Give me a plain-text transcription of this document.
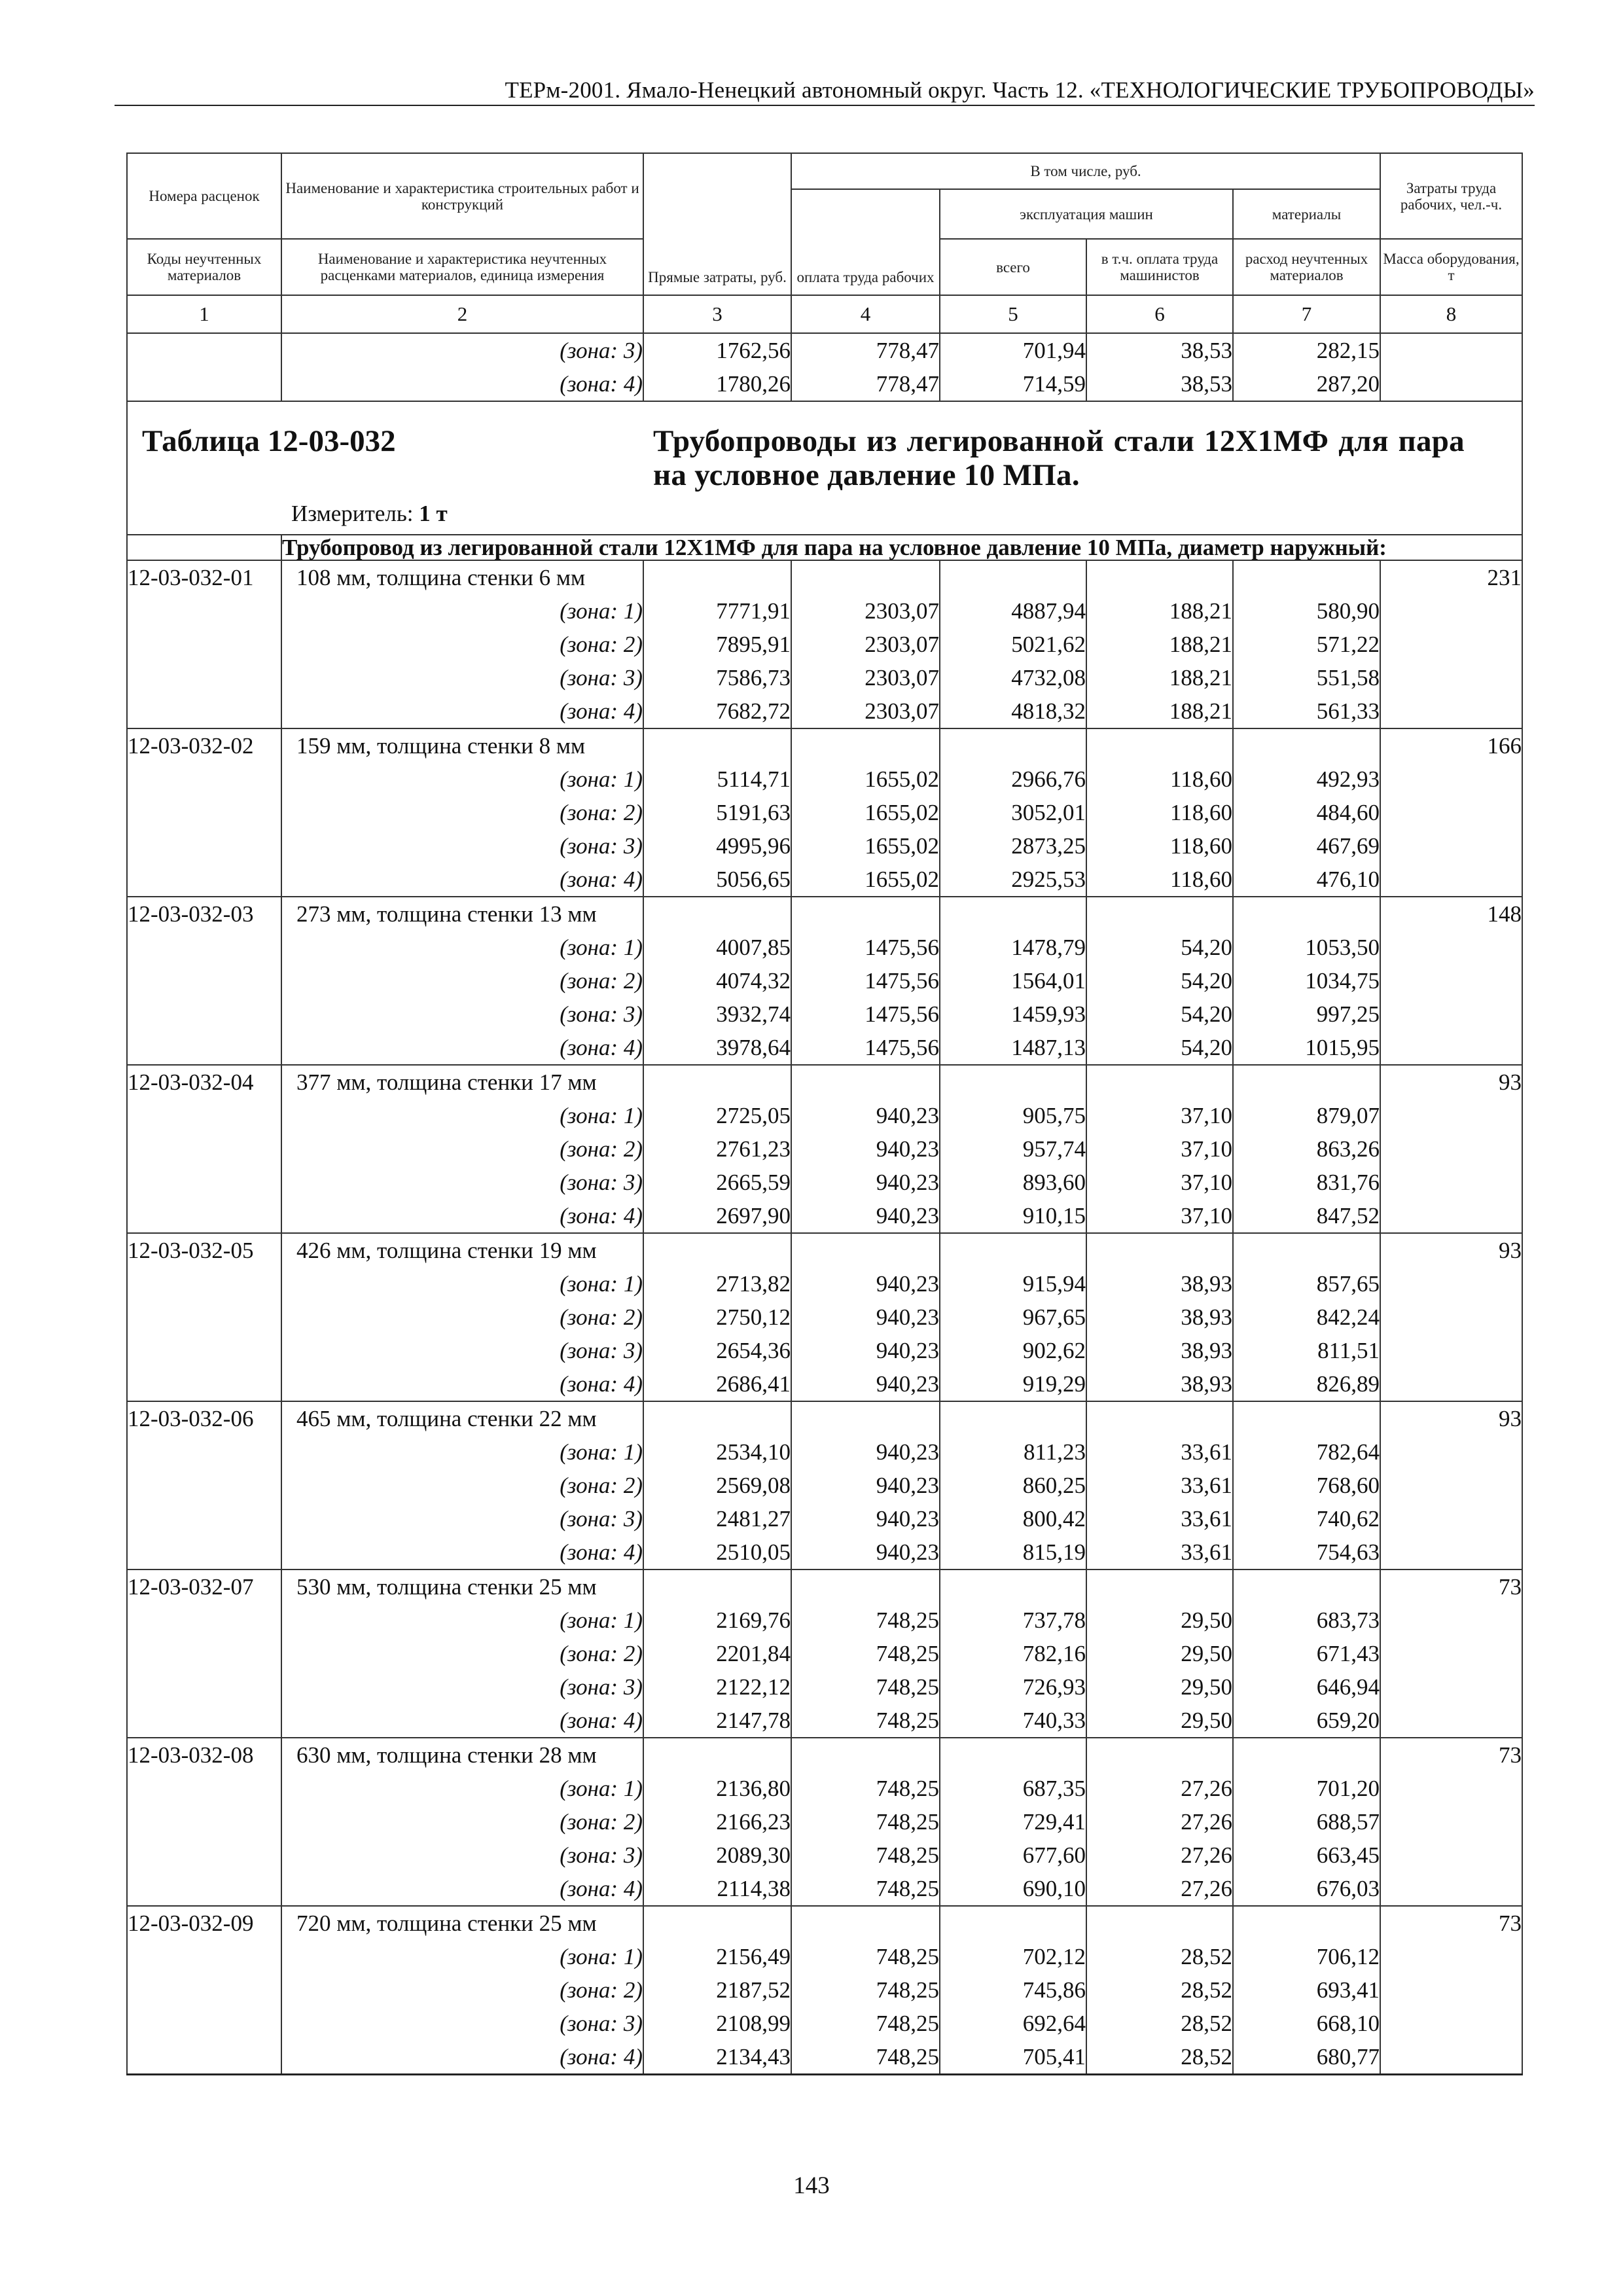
ТЕРм-2001. Ямало-Ненецкий автономный округ. Часть 12. «ТЕХНОЛОГИЧЕСКИЕ ТРУБОПРОВОДЫ»
Номера расценок	Наименование и характеристика строительных работ и конструкций	Прямые затраты, руб.	В том числе, руб.				Затраты труда рабочих, чел.-ч.
			оплата труда рабочих	эксплуатация машин		материалы	
Коды неучтенных материалов	Наименование и характеристика неучтенных расценками материалов, единица измерения			всего	в т.ч. оплата труда машинистов	расход неучтенных материалов	Масса оборудования, т
1	2	3	4	5	6	7	8
	(зона: 3)	1762,56	778,47	701,94	38,53	282,15	
	(зона: 4)	1780,26	778,47	714,59	38,53	287,20	

Таблица 12-03-032 Трубопроводы из легированной стали 12Х1МФ для пара на условное давление 10 МПа.
Измеритель: 1 т							

	Трубопровод из легированной стали 12Х1МФ для пара на условное давление 10 МПа, диаметр наружный:						
12-03-032-01	108 мм, толщина стенки 6 мм						231
	(зона: 1)	7771,91	2303,07	4887,94	188,21	580,90	
	(зона: 2)	7895,91	2303,07	5021,62	188,21	571,22	
	(зона: 3)	7586,73	2303,07	4732,08	188,21	551,58	
	(зона: 4)	7682,72	2303,07	4818,32	188,21	561,33	
12-03-032-02	159 мм, толщина стенки 8 мм						166
	(зона: 1)	5114,71	1655,02	2966,76	118,60	492,93	
	(зона: 2)	5191,63	1655,02	3052,01	118,60	484,60	
	(зона: 3)	4995,96	1655,02	2873,25	118,60	467,69	
	(зона: 4)	5056,65	1655,02	2925,53	118,60	476,10	
12-03-032-03	273 мм, толщина стенки 13 мм						148
	(зона: 1)	4007,85	1475,56	1478,79	54,20	1053,50	
	(зона: 2)	4074,32	1475,56	1564,01	54,20	1034,75	
	(зона: 3)	3932,74	1475,56	1459,93	54,20	997,25	
	(зона: 4)	3978,64	1475,56	1487,13	54,20	1015,95	
12-03-032-04	377 мм, толщина стенки 17 мм						93
	(зона: 1)	2725,05	940,23	905,75	37,10	879,07	
	(зона: 2)	2761,23	940,23	957,74	37,10	863,26	
	(зона: 3)	2665,59	940,23	893,60	37,10	831,76	
	(зона: 4)	2697,90	940,23	910,15	37,10	847,52	
12-03-032-05	426 мм, толщина стенки 19 мм						93
	(зона: 1)	2713,82	940,23	915,94	38,93	857,65	
	(зона: 2)	2750,12	940,23	967,65	38,93	842,24	
	(зона: 3)	2654,36	940,23	902,62	38,93	811,51	
	(зона: 4)	2686,41	940,23	919,29	38,93	826,89	
12-03-032-06	465 мм, толщина стенки 22 мм						93
	(зона: 1)	2534,10	940,23	811,23	33,61	782,64	
	(зона: 2)	2569,08	940,23	860,25	33,61	768,60	
	(зона: 3)	2481,27	940,23	800,42	33,61	740,62	
	(зона: 4)	2510,05	940,23	815,19	33,61	754,63	
12-03-032-07	530 мм, толщина стенки 25 мм						73
	(зона: 1)	2169,76	748,25	737,78	29,50	683,73	
	(зона: 2)	2201,84	748,25	782,16	29,50	671,43	
	(зона: 3)	2122,12	748,25	726,93	29,50	646,94	
	(зона: 4)	2147,78	748,25	740,33	29,50	659,20	
12-03-032-08	630 мм, толщина стенки 28 мм						73
	(зона: 1)	2136,80	748,25	687,35	27,26	701,20	
	(зона: 2)	2166,23	748,25	729,41	27,26	688,57	
	(зона: 3)	2089,30	748,25	677,60	27,26	663,45	
	(зона: 4)	2114,38	748,25	690,10	27,26	676,03	
12-03-032-09	720 мм, толщина стенки 25 мм						73
	(зона: 1)	2156,49	748,25	702,12	28,52	706,12	
	(зона: 2)	2187,52	748,25	745,86	28,52	693,41	
	(зона: 3)	2108,99	748,25	692,64	28,52	668,10	
	(зона: 4)	2134,43	748,25	705,41	28,52	680,77	
143
